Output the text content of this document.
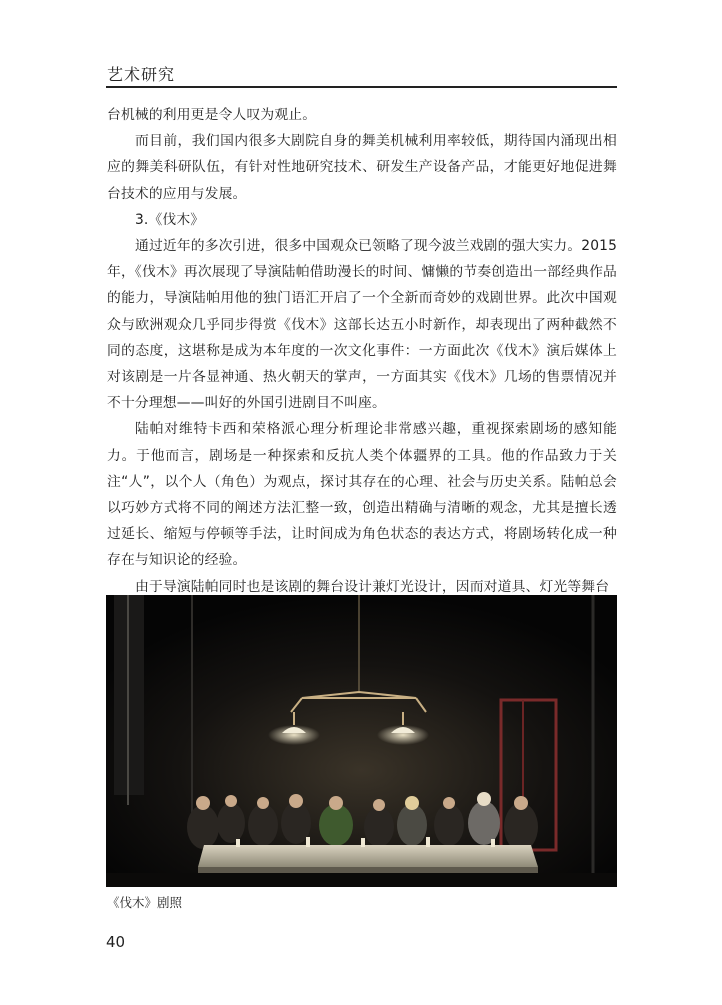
艺术研究

台机械的利用更是令人叹为观止。

而目前，我们国内很多大剧院自身的舞美机械利用率较低，期待国内涌现出相应的舞美科研队伍，有针对性地研究技术、研发生产设备产品，才能更好地促进舞台技术的应用与发展。

3.《伐木》

通过近年的多次引进，很多中国观众已领略了现今波兰戏剧的强大实力。2015年，《伐木》再次展现了导演陆帕借助漫长的时间、慵懒的节奏创造出一部经典作品的能力，导演陆帕用他的独门语汇开启了一个全新而奇妙的戏剧世界。此次中国观众与欧洲观众几乎同步得赏《伐木》这部长达五小时新作，却表现出了两种截然不同的态度，这堪称是成为本年度的一次文化事件：一方面此次《伐木》演后媒体上对该剧是一片各显神通、热火朝天的掌声，一方面其实《伐木》几场的售票情况并不十分理想——叫好的外国引进剧目不叫座。

陆帕对维特卡西和荣格派心理分析理论非常感兴趣，重视探索剧场的感知能力。于他而言，剧场是一种探索和反抗人类个体疆界的工具。他的作品致力于关注“人”，以个人（角色）为观点，探讨其存在的心理、社会与历史关系。陆帕总会以巧妙方式将不同的阐述方法汇整一致，创造出精确与清晰的观念，尤其是擅长透过延长、缩短与停顿等手法，让时间成为角色状态的表达方式，将剧场转化成一种存在与知识论的经验。

由于导演陆帕同时也是该剧的舞台设计兼灯光设计，因而对道具、灯光等舞台

《伐木》剧照
40
